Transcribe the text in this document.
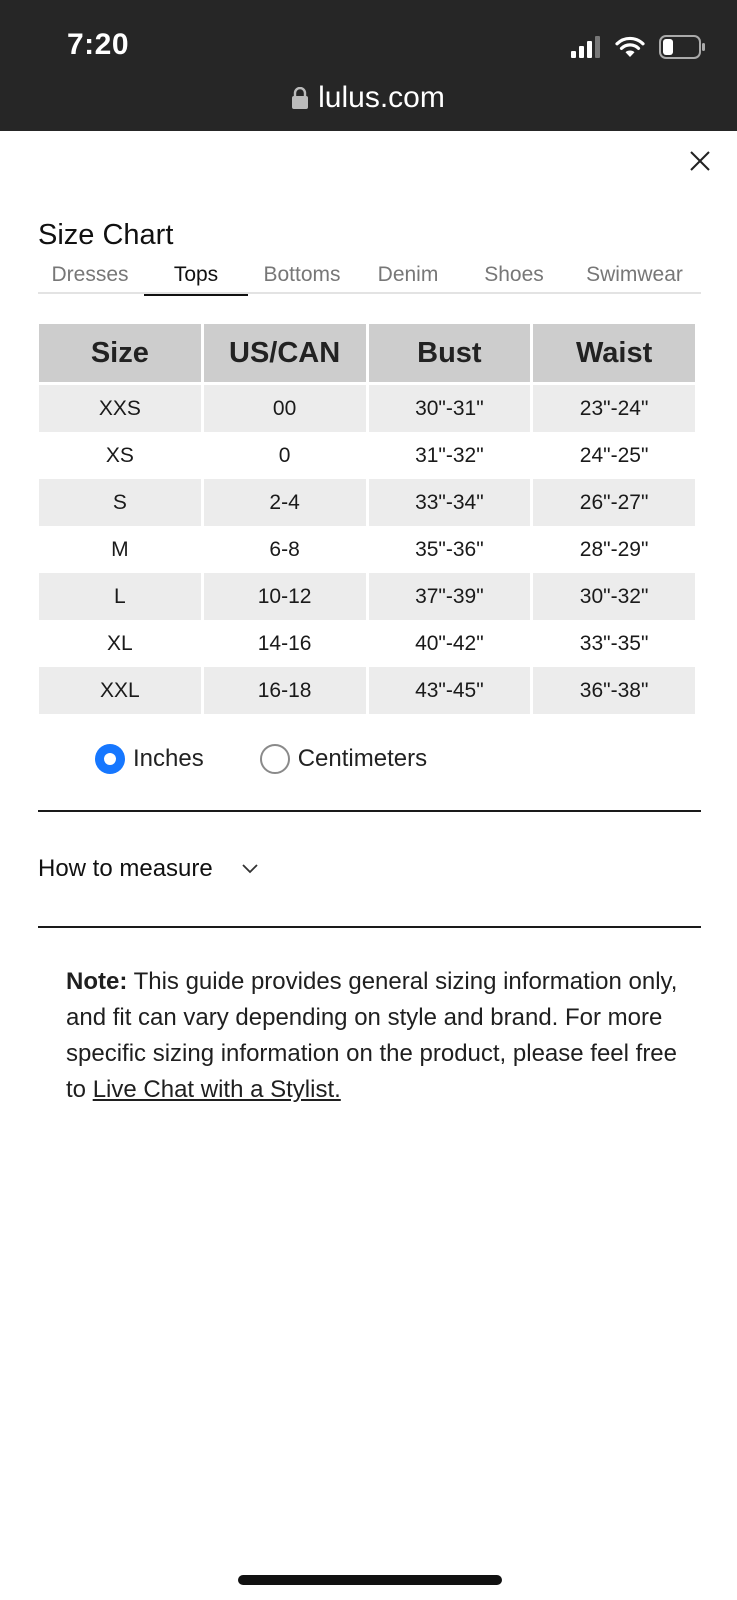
7:20
lulus.com
Size Chart
Dresses	Tops	Bottoms	Denim	Shoes	Swimwear
Size	US/CAN	Bust	Waist
XXS	00	30"-31"	23"-24"
XS	0	31"-32"	24"-25"
S	2-4	33"-34"	26"-27"
M	6-8	35"-36"	28"-29"
L	10-12	37"-39"	30"-32"
XL	14-16	40"-42"	33"-35"
XXL	16-18	43"-45"	36"-38"
Inches	Centimeters
How to measure
Note: This guide provides general sizing information only, and fit can vary depending on style and brand. For more specific sizing information on the product, please feel free to Live Chat with a Stylist.
